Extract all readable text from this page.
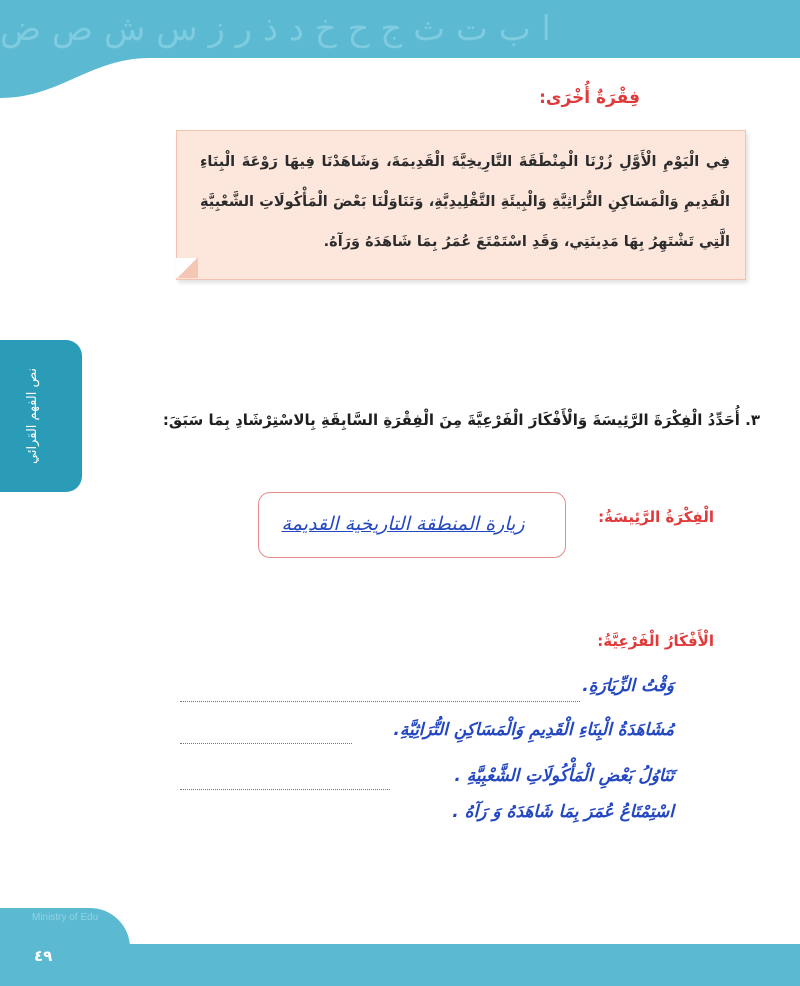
ا ب ت ث ج ح خ د ذ ر ز س ش ص ض
نص الفهم القرائي
فِقْرَةٌ أُخْرَى:
فِي الْيَوْمِ الْأَوَّلِ زُرْنَا الْمِنْطَقَةَ التَّارِيخِيَّةَ الْقَدِيمَةَ، وَشَاهَدْنَا فِيهَا رَوْعَةَ الْبِنَاءِ الْقَدِيمِ وَالْمَسَاكِنِ التُّرَاثِيَّةِ وَالْبِيئَةِ التَّقْلِيدِيَّةِ، وَتَنَاوَلْنَا بَعْضَ الْمَأْكُولَاتِ الشَّعْبِيَّةِ الَّتِي تَشْتَهِرُ بِهَا مَدِينَتِي، وَقَدِ اسْتَمْتَعَ عُمَرُ بِمَا شَاهَدَهُ وَرَآهُ.
٣. أُحَدِّدُ الْفِكْرَةَ الرَّئِيسَةَ وَالْأَفْكَارَ الْفَرْعِيَّةَ مِنَ الْفِقْرَةِ السَّابِقَةِ بِالاسْتِرْشَادِ بِمَا سَبَقَ:
الْفِكْرَةُ الرَّئِيسَةُ:
زيارة المنطقة التاريخية القديمة
الْأَفْكَارُ الْفَرْعِيَّةُ:
وَقْتُ الزِّيَارَةِ.
مُشَاهَدَةُ الْبِنَاءِ الْقَدِيمِ وَالْمَسَاكِنِ التُّرَاثِيَّةِ.
تَنَاوُلُ بَعْضِ الْمَأْكُولَاتِ الشَّعْبِيَّةِ .
اسْتِمْتَاعُ عُمَرَ بِمَا شَاهَدَهُ وَ رَآهُ .
Ministry of Edu
٤٩
